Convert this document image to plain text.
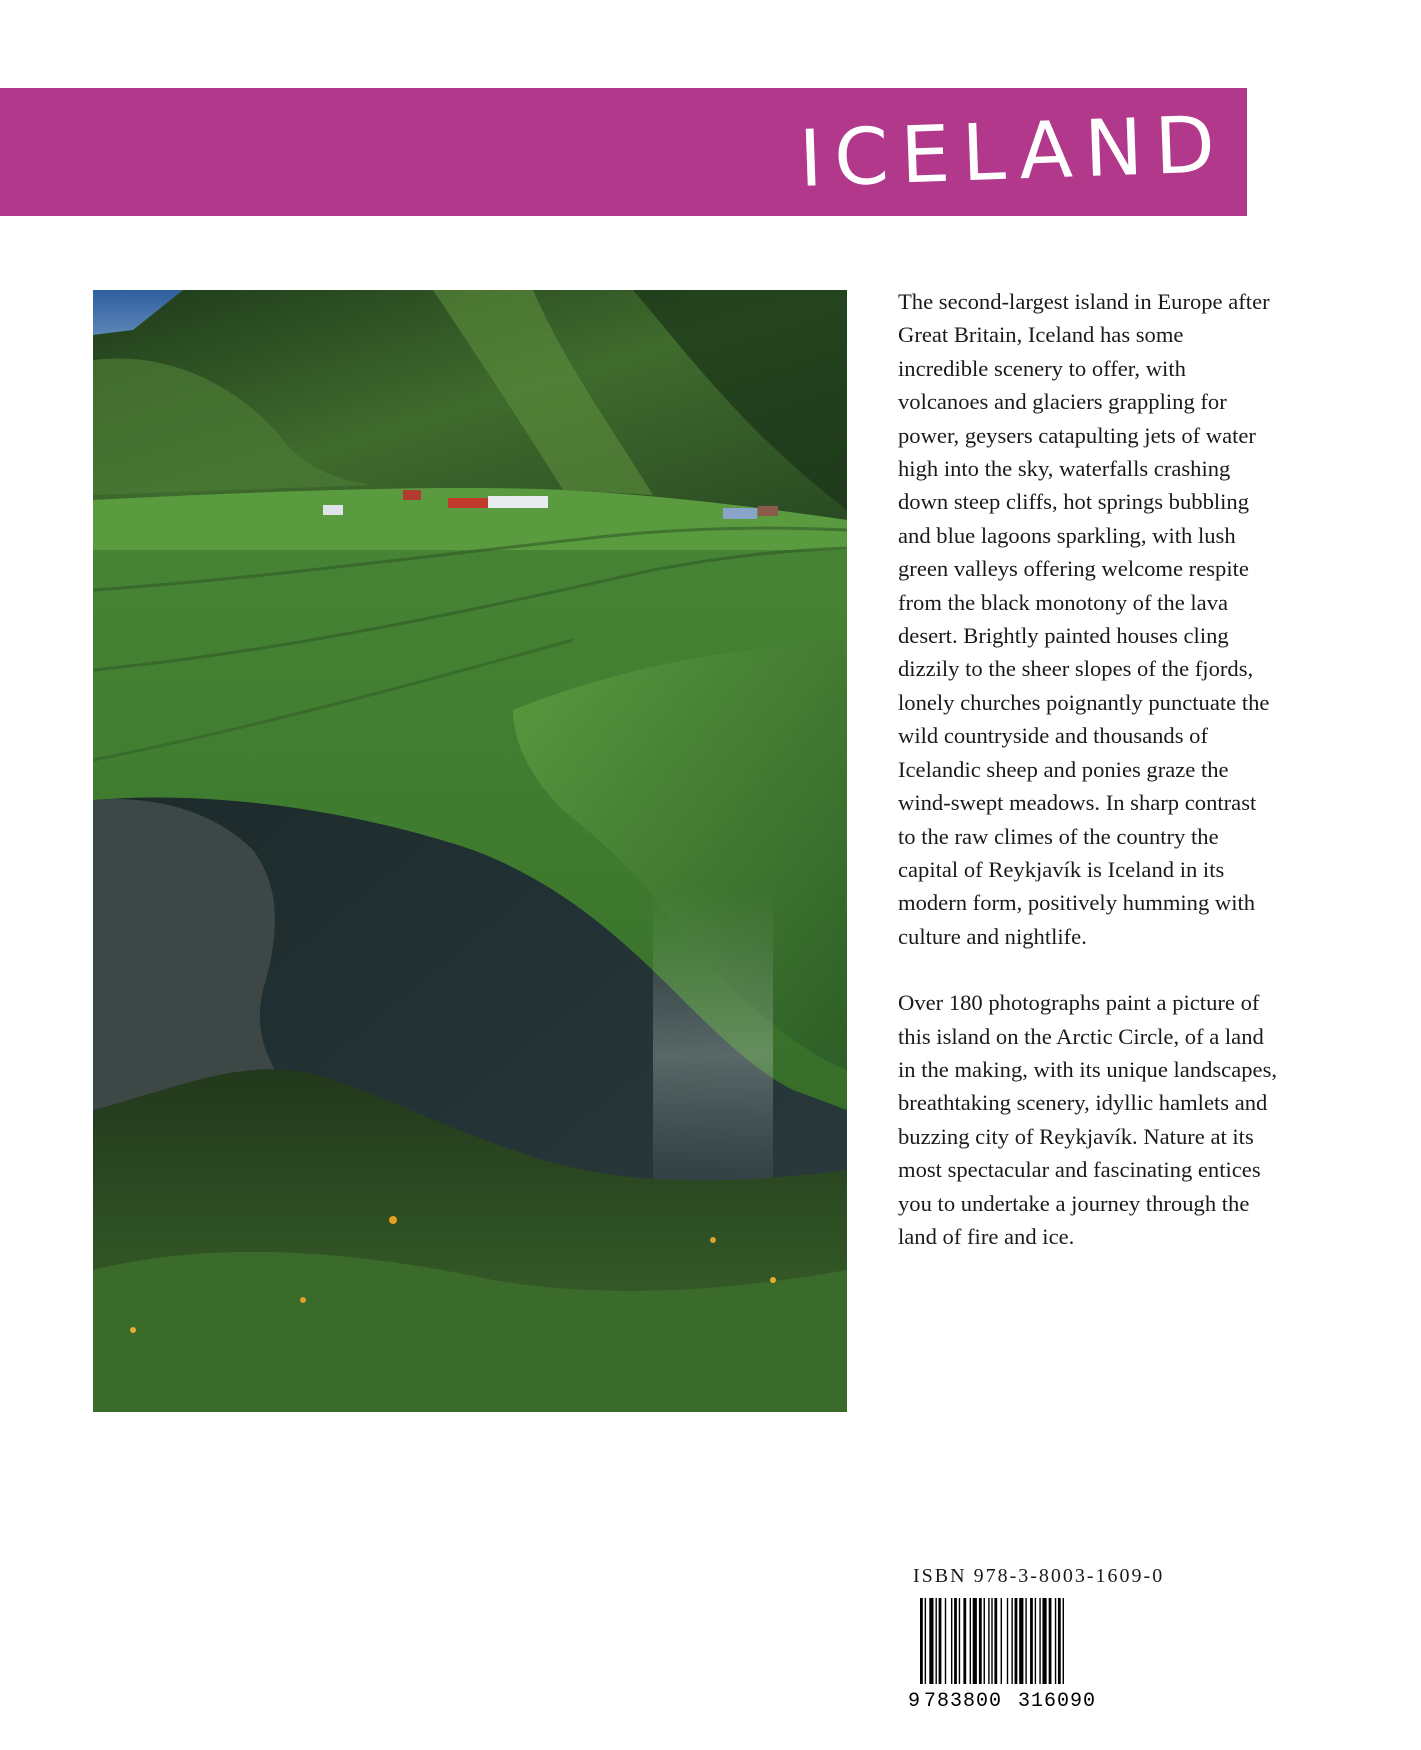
ICELAND

The second-largest island in Europe after Great Britain, Iceland has some incredible scenery to offer, with volcanoes and glaciers grappling for power, geysers catapulting jets of water high into the sky, waterfalls crashing down steep cliffs, hot springs bubbling and blue lagoons sparkling, with lush green valleys offering welcome respite from the black monotony of the lava desert. Brightly painted houses cling dizzily to the sheer slopes of the fjords, lonely churches poignantly punctuate the wild countryside and thousands of Icelandic sheep and ponies graze the wind-swept meadows. In sharp contrast to the raw climes of the country the capital of Reykjavík is Iceland in its modern form, positively humming with culture and nightlife.

Over 180 photographs paint a picture of this island on the Arctic Circle, of a land in the making, with its unique landscapes, breathtaking scenery, idyllic hamlets and buzzing city of Reykjavík. Nature at its most spectacular and fascinating entices you to undertake a journey through the land of fire and ice.

ISBN 978-3-8003-1609-0
9 783800 316090
